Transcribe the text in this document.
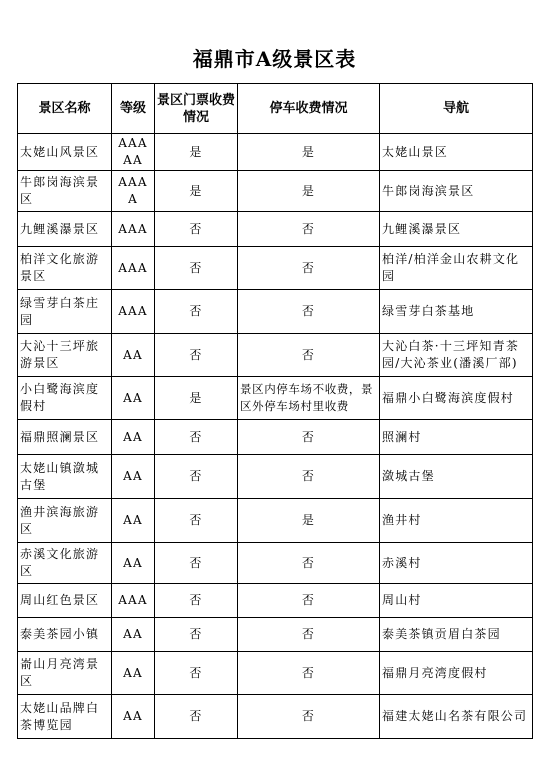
福鼎市A级景区表
景区名称	等级	景区门票收费情况	停车收费情况	导航
太姥山风景区	AAAAA	是	是	太姥山景区
牛郎岗海滨景区	AAAA	是	是	牛郎岗海滨景区
九鲤溪瀑景区	AAA	否	否	九鲤溪瀑景区
柏洋文化旅游景区	AAA	否	否	柏洋/柏洋金山农耕文化园
绿雪芽白茶庄园	AAA	否	否	绿雪芽白茶基地
大沁十三坪旅游景区	AA	否	否	大沁白茶·十三坪知青茶园/大沁茶业(潘溪厂部)
小白鹭海滨度假村	AA	是	景区内停车场不收费，景区外停车场村里收费	福鼎小白鹭海滨度假村
福鼎照澜景区	AA	否	否	照澜村
太姥山镇潋城古堡	AA	否	否	潋城古堡
渔井滨海旅游区	AA	否	是	渔井村
赤溪文化旅游区	AA	否	否	赤溪村
周山红色景区	AAA	否	否	周山村
泰美茶园小镇	AA	否	否	泰美茶镇贡眉白茶园
嵛山月亮湾景区	AA	否	否	福鼎月亮湾度假村
太姥山品牌白茶博览园	AA	否	否	福建太姥山名茶有限公司
